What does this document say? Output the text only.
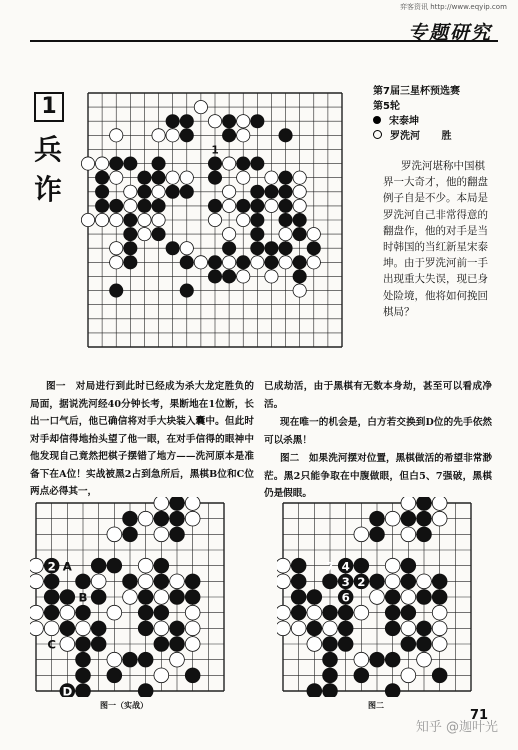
弈客资讯 http://www.eqyip.com
专题研究
1
兵
诈
1
第7届三星杯预选赛
第5轮
宋泰坤
罗洗河 胜
罗洗河堪称中国棋界一大奇才，他的翻盘例子自是不少。本局是罗洗河自己非常得意的翻盘作，他的对手是当时韩国的当红新星宋泰坤。由于罗洗河前一手出现重大失误，现已身处险境，他将如何挽回棋局？
图一　对局进行到此时已经成为杀大龙定胜负的局面，据说洗河经40分钟长考，果断地在1位断，长出一口气后，他已确信将对手大块装入囊中。但此时对手却信得地抬头望了他一眼，在对手信得的眼神中他发现自己竟然把棋子摆错了地方——洗河原本是准备下在A位！实战被黑2占到急所后，黑棋B位和C位两点必得其一，
已成劫活，由于黑棋有无数本身劫，甚至可以看成净活。
现在唯一的机会是，白方若交换到D位的先手依然可以杀黑！
图二　如果洗河摆对位置，黑棋做活的希望非常渺茫。黑2只能争取在中腹做眼，但白5、7强破，黑棋仍是假眼。
2 A
B
C
D
7 4 5
3 2
6
图一（实战）	图二
知乎 @迦叶光
71
